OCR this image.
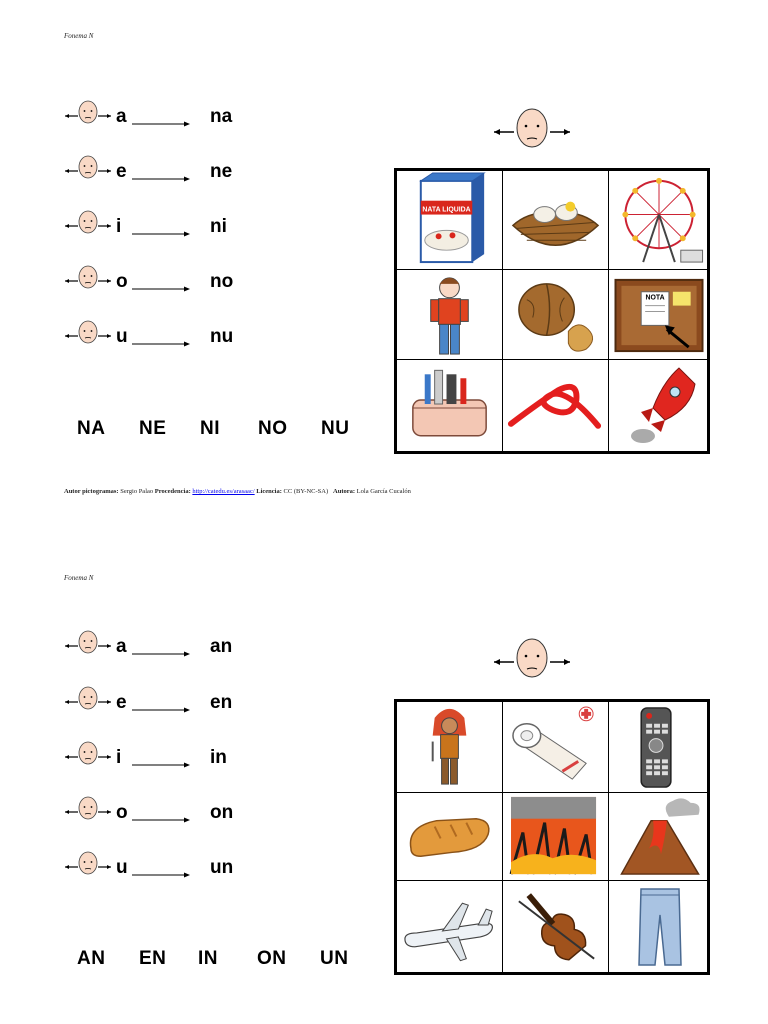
Fonema N
a	na
e	ne
i	ni
o	no
u	nu
NA NE NI NO NU
NATA LIQUIDA
NOTA
Autor pictogramas: Sergio Palao Procedencia: http://catedu.es/arasaac/ Licencia: CC (BY-NC-SA) Autora: Lola García Cucalón
Fonema N
a	an
e	en
i	in
o	on
u	un
AN EN IN ON UN
